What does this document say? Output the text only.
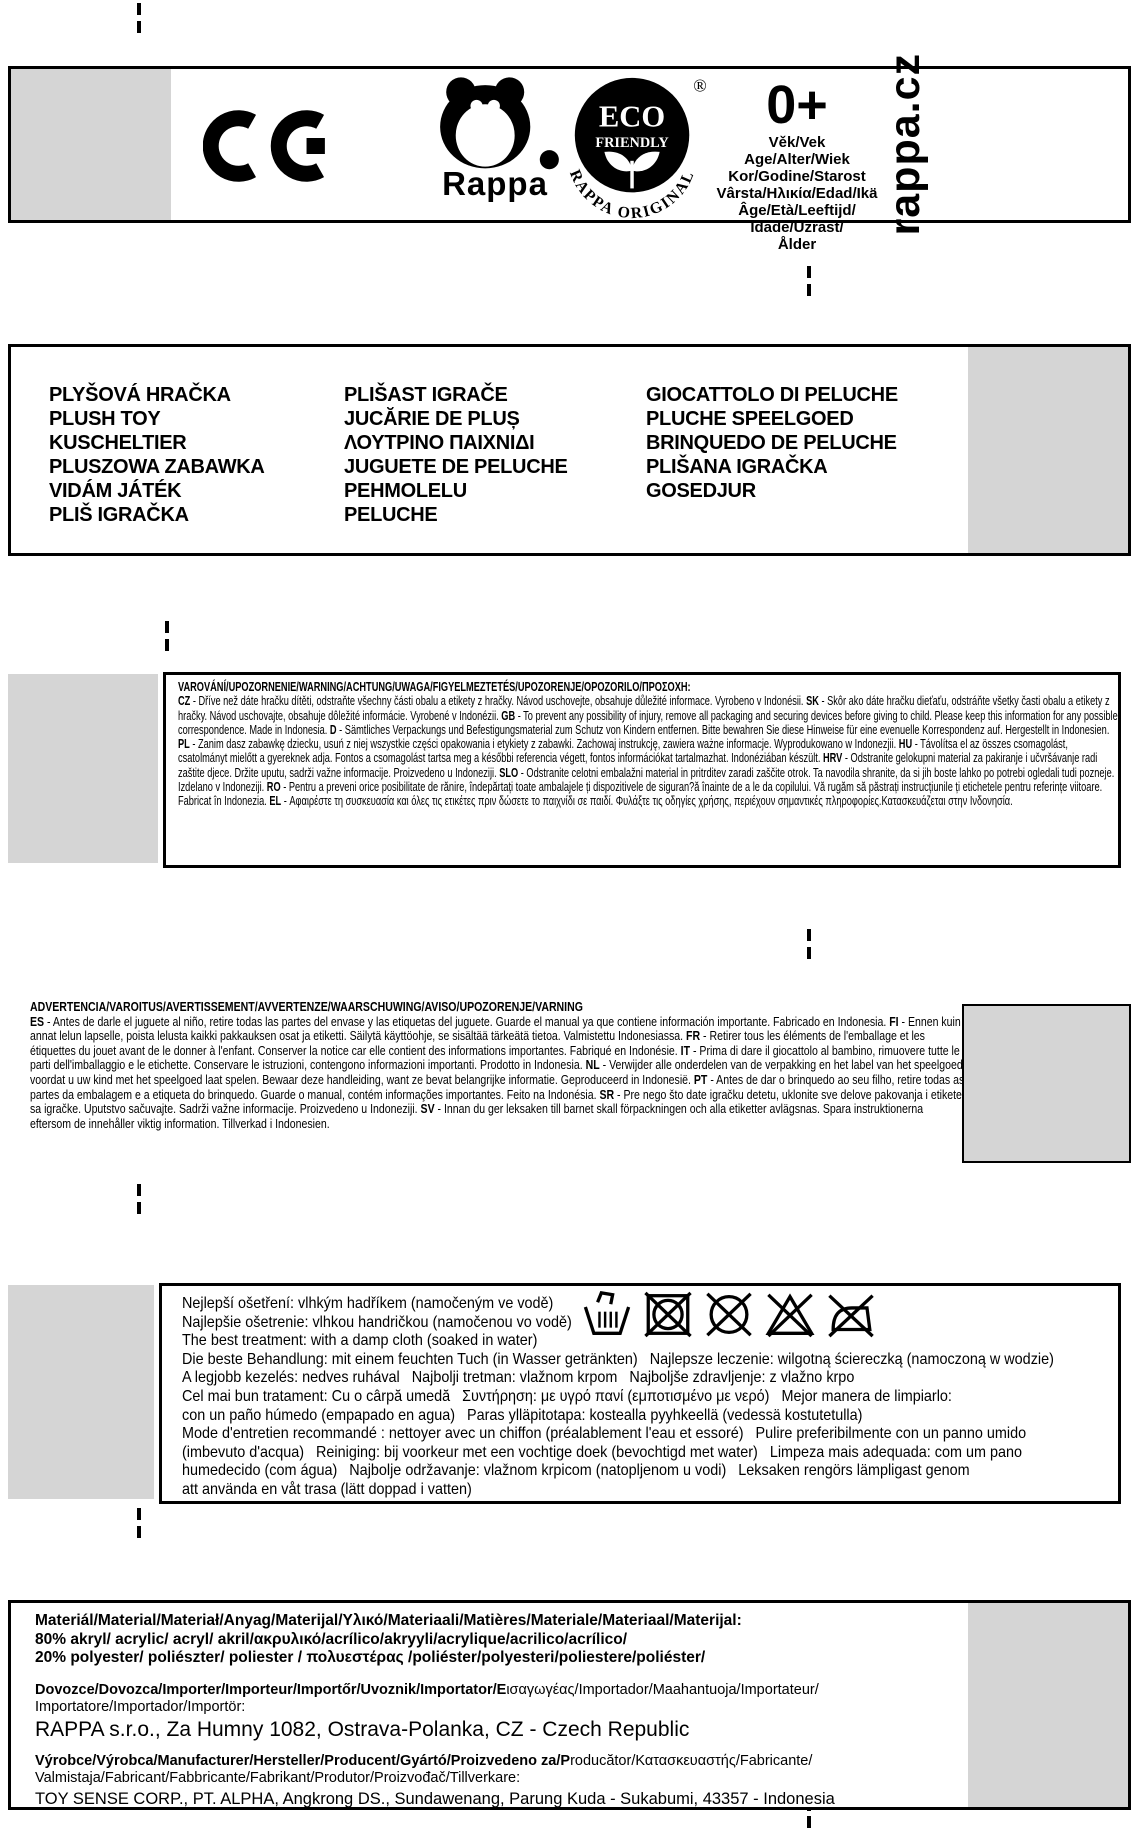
Rappa
®
ECO
FRIENDLY
RAPPA ORIGINAL
0+
Věk/Vek
Age/Alter/Wiek
Kor/Godine/Starost
Vârsta/Ηλικία/Edad/Ikä
Âge/Età/Leeftijd/
Idade/Uzrast/
Ålder
rappa.cz
PLYŠOVÁ HRAČKA
PLUSH TOY
KUSCHELTIER
PLUSZOWA ZABAWKA
VIDÁM JÁTÉK
PLIŠ IGRAČKA
PLIŠAST IGRAČE
JUCĂRIE DE PLUȘ
ΛΟΥΤΡΙΝΟ ΠΑΙΧΝΙΔΙ
JUGUETE DE PELUCHE
PEHMOLELU
PELUCHE
GIOCATTOLO DI PELUCHE
PLUCHE SPEELGOED
BRINQUEDO DE PELUCHE
PLIŠANA IGRAČKA
GOSEDJUR
VAROVÁNÍ/UPOZORNENIE/WARNING/ACHTUNG/UWAGA/FIGYELMEZTETÉS/UPOZORENJE/OPOZORILO/ΠΡΟΣΟΧΗ:
CZ - Dříve než dáte hračku dítěti, odstraňte všechny části obalu a etikety z hračky. Návod uschovejte, obsahuje důležité informace. Vyrobeno v Indonésii. SK - Skôr ako dáte hračku dieťaťu, odstráňte všetky časti obalu a etikety z hračky. Návod uschovajte, obsahuje dôležité informácie. Vyrobené v Indonézii. GB - To prevent any possibility of injury, remove all packaging and securing devices before giving to child. Please keep this information for any possible correspondence. Made in Indonesia. D - Sämtliches Verpackungs und Befestigungsmaterial zum Schutz von Kindern entfernen. Bitte bewahren Sie diese Hinweise für eine evenuelle Korrespondenz auf. Hergestellt in Indonesien. PL - Zanim dasz zabawkę dziecku, usuń z niej wszystkie części opakowania i etykiety z zabawki. Zachowaj instrukcję, zawiera ważne informacje. Wyprodukowano w Indonezjii. HU - Távolítsa el az összes csomagolást, csatolmányt mielőtt a gyereknek adja. Fontos a csomagolást tartsa meg a későbbi referencia végett, fontos információkat tartalmazhat. Indonéziában készült. HRV - Odstranite gelokupni material za pakiranje i učvršávanje radi zaštite djece. Držite uputu, sadrži važne informacije. Proizvedeno u Indoneziji. SLO - Odstranite celotni embalažni material in pritrditev zaradi zaščite otrok. Ta navodila shranite, da si jih boste lahko po potrebi ogledali tudi pozneje. Izdelano v Indoneziji. RO - Pentru a preveni orice posibilitate de rănire, îndepărtați toate ambalajele ți dispozitivele de siguran?ă înainte de a le da copilului. Vă rugăm să păstrați instrucțiunile ți etichetele pentru referințe viitoare. Fabricat în Indonezia. EL - Αφαιρέστε τη συσκευασία και όλες τις ετικέτες πριν δώσετε το παιχνίδι σε παιδί. Φυλάξτε τις οδηγίες χρήσης, περιέχουν σημαντικές πληροφορίες.Κατασκευάζεται στην Ινδονησία.
ADVERTENCIA/VAROITUS/AVERTISSEMENT/AVVERTENZE/WAARSCHUWING/AVISO/UPOZORENJE/VARNING
ES - Antes de darle el juguete al niño, retire todas las partes del envase y las etiquetas del juguete. Guarde el manual ya que contiene información importante. Fabricado en Indonesia. FI - Ennen kuin annat lelun lapselle, poista lelusta kaikki pakkauksen osat ja etiketti. Säilytä käyttöohje, se sisältää tärkeätä tietoa. Valmistettu Indonesiassa. FR - Retirer tous les éléments de l'emballage et les étiquettes du jouet avant de le donner à l'enfant. Conserver la notice car elle contient des informations importantes. Fabriqué en Indonésie. IT - Prima di dare il giocattolo al bambino, rimuovere tutte le parti dell'imballaggio e le etichette. Conservare le istruzioni, contengono informazioni importanti. Prodotto in Indonesia. NL - Verwijder alle onderdelen van de verpakking en het label van het speelgoed voordat u uw kind met het speelgoed laat spelen. Bewaar deze handleiding, want ze bevat belangrijke informatie. Geproduceerd in Indonesië. PT - Antes de dar o brinquedo ao seu filho, retire todas as partes da embalagem e a etiqueta do brinquedo. Guarde o manual, contém informações importantes. Feito na Indonésia. SR - Pre nego što date igračku detetu, uklonite sve delove pakovanja i etikete sa igračke. Uputstvo sačuvajte. Sadrži važne informacije. Proizvedeno u Indoneziji. SV - Innan du ger leksaken till barnet skall förpackningen och alla etiketter avlägsnas. Spara instruktionerna eftersom de innehåller viktig information. Tillverkad i Indonesien.
Nejlepší ošetření: vlhkým hadříkem (namočeným ve vodě)
Najlepšie ošetrenie: vlhkou handričkou (namočenou vo vodě)
The best treatment: with a damp cloth (soaked in water)
Die beste Behandlung: mit einem feuchten Tuch (in Wasser getränkten)   Najlepsze leczenie: wilgotną ściereczką (namoczoną w wodzie)
A legjobb kezelés: nedves ruhával   Najbolji tretman: vlažnom krpom   Najboljše zdravljenje: z vlažno krpo
Cel mai bun tratament: Cu o cârpă umedă   Συντήρηση: με υγρό πανί (εμποτισμένο με νερό)   Mejor manera de limpiarlo:
con un paño húmedo (empapado en agua)   Paras ylläpitotapa: kostealla pyyhkeellä (vedessä kostutetulla)
Mode d'entretien recommandé : nettoyer avec un chiffon (préalablement l'eau et essoré)   Pulire preferibilmente con un panno umido
(imbevuto d'acqua)   Reiniging: bij voorkeur met een vochtige doek (bevochtigd met water)   Limpeza mais adequada: com um pano
humedecido (com água)   Najbolje održavanje: vlažnom krpicom (natopljenom u vodi)   Leksaken rengörs lämpligast genom
att använda en våt trasa (lätt doppad i vatten)
Materiál/Material/Materiał/Anyag/Materijal/Υλικό/Materiaali/Matières/Materiale/Materiaal/Materijal:
80% akryl/ acrylic/ acryl/ akril/ακρυλικό/acrílico/akryyli/acrylique/acrilico/acrílico/
20% polyester/ poliészter/ poliester / πολυεστέρας /poliéster/polyesteri/poliestere/poliéster/
Dovozce/Dovozca/Importer/Importeur/Importőr/Uvoznik/Importator/Eισαγωγέας/Importador/Maahantuoja/Importateur/
Importatore/Importador/Importör:
RAPPA s.r.o., Za Humny 1082, Ostrava-Polanka, CZ - Czech Republic
Výrobce/Výrobca/Manufacturer/Hersteller/Producent/Gyártó/Proizvedeno za/Producător/Κατασκευαστής/Fabricante/
Valmistaja/Fabricant/Fabbricante/Fabrikant/Produtor/Proizvođač/Tillverkare:
TOY SENSE CORP., PT. ALPHA, Angkrong DS., Sundawenang, Parung Kuda - Sukabumi, 43357 - Indonesia
